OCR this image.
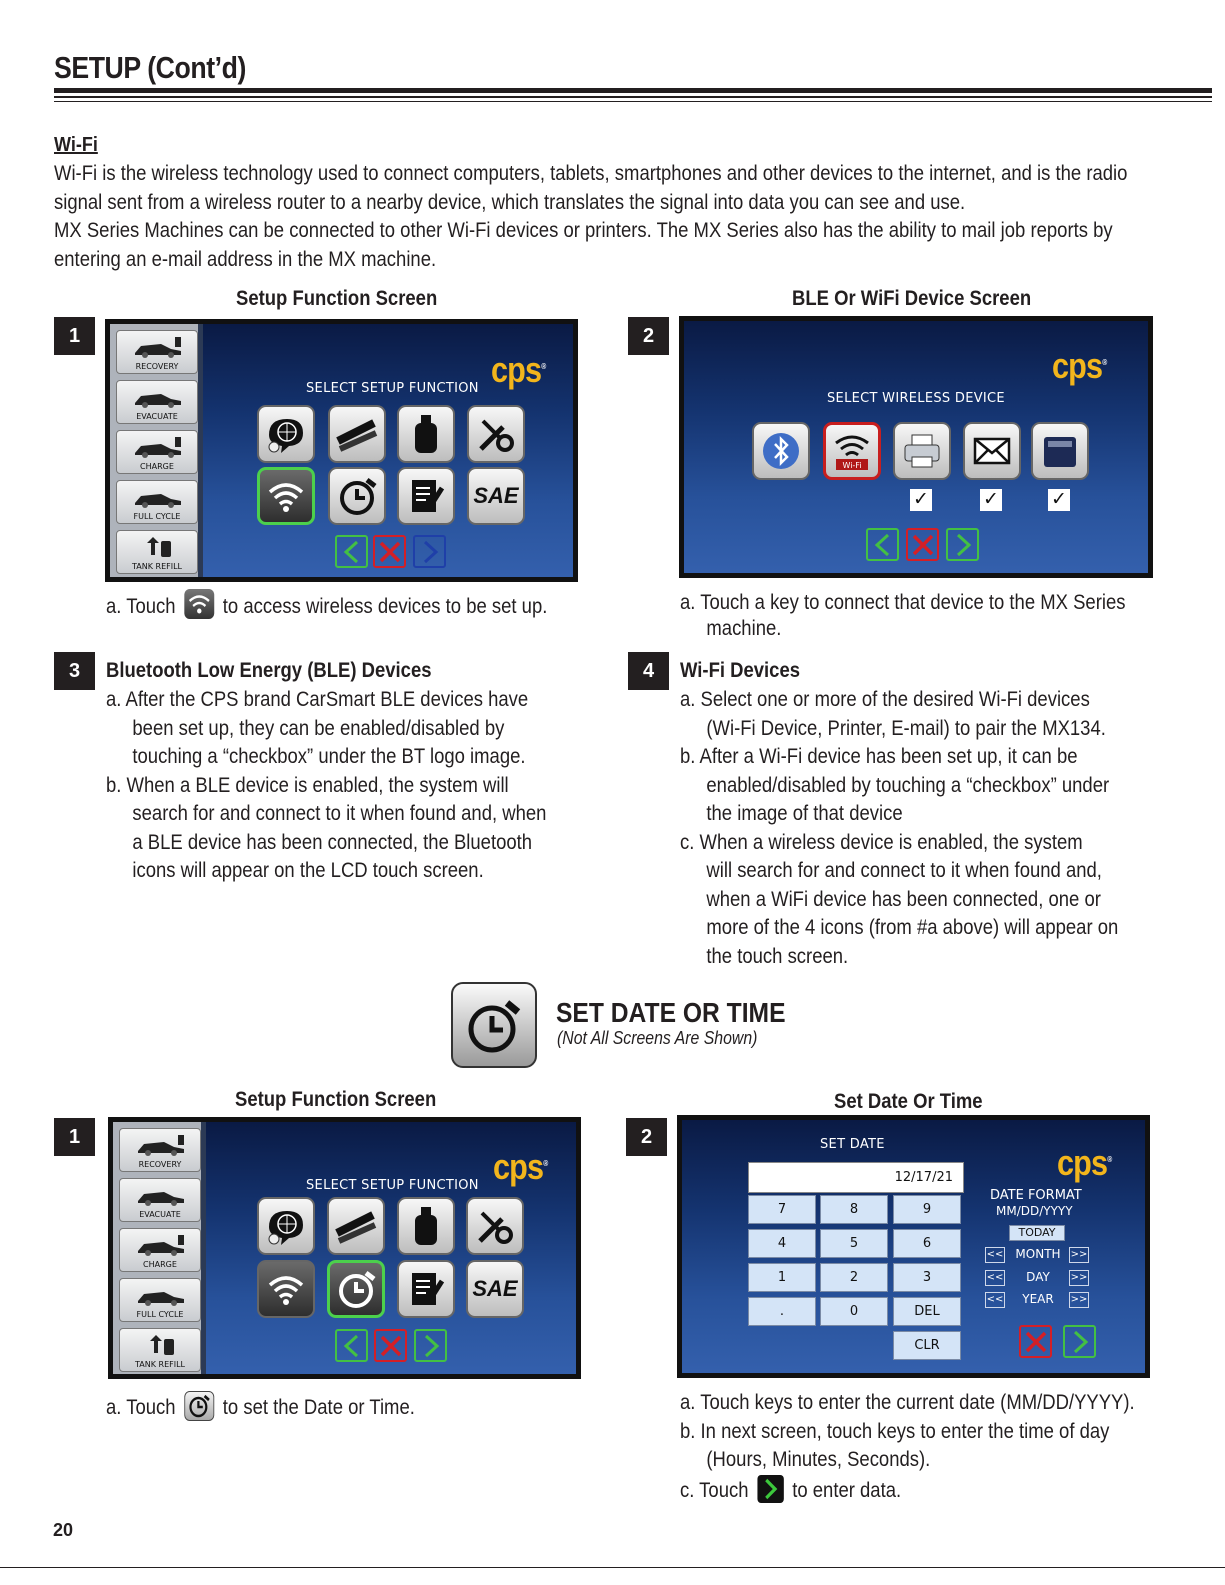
SETUP (Cont’d)
Wi-Fi
Wi-Fi is the wireless technology used to connect computers, tablets, smartphones and other devices to the internet, and is the radio signal sent from a wireless router to a nearby device, which translates the signal into data you can see and use.
MX Series Machines can be connected to other Wi-Fi devices or printers. The MX Series also has the ability to mail job reports by entering an e-mail address in the MX machine.
Setup Function Screen	BLE Or WiFi Device Screen
1	2
RECOVERY
EVACUATE
CHARGE
FULL CYCLE
TANK REFILL
SELECT SETUP FUNCTION cps®
SAE
cps®
SELECT WIRELESS DEVICE
Wi-Fi
✓	✓	✓
a. Touch to access wireless devices to be set up.	a. Touch a key to connect that device to the MX Series
machine.
3	Bluetooth Low Energy (BLE) Devices
a. After the CPS brand CarSmart BLE devices have
been set up, they can be enabled/disabled by
touching a “checkbox” under the BT logo image.
b. When a BLE device is enabled, the system will
search for and connect to it when found and, when
a BLE device has been connected, the Bluetooth
icons will appear on the LCD touch screen.
4	Wi-Fi Devices
a. Select one or more of the desired Wi-Fi devices
(Wi-Fi Device, Printer, E-mail) to pair the MX134.
b. After a Wi-Fi device has been set up, it can be
enabled/disabled by touching a “checkbox” under
the image of that device
c. When a wireless device is enabled, the system
will search for and connect to it when found and,
when a WiFi device has been connected, one or
more of the 4 icons (from #a above) will appear on
the touch screen.
SET DATE OR TIME
(Not All Screens Are Shown)
Setup Function Screen	Set Date Or Time
1	2
RECOVERY
EVACUATE
CHARGE
FULL CYCLE
TANK REFILL
SELECT SETUP FUNCTION cps®
SAE
SET DATE	cps®
12/17/21
7	8	9
4	5	6
1	2	3
.	0	DEL
CLR
DATE FORMAT
MM/DD/YYYY
TODAY
<< MONTH >>
<<	DAY	>>
<<	YEAR	>>
a. Touch to set the Date or Time.	a. Touch keys to enter the current date (MM/DD/YYYY).
b. In next screen, touch keys to enter the time of day
(Hours, Minutes, Seconds).
c. Touch to enter data.
20
